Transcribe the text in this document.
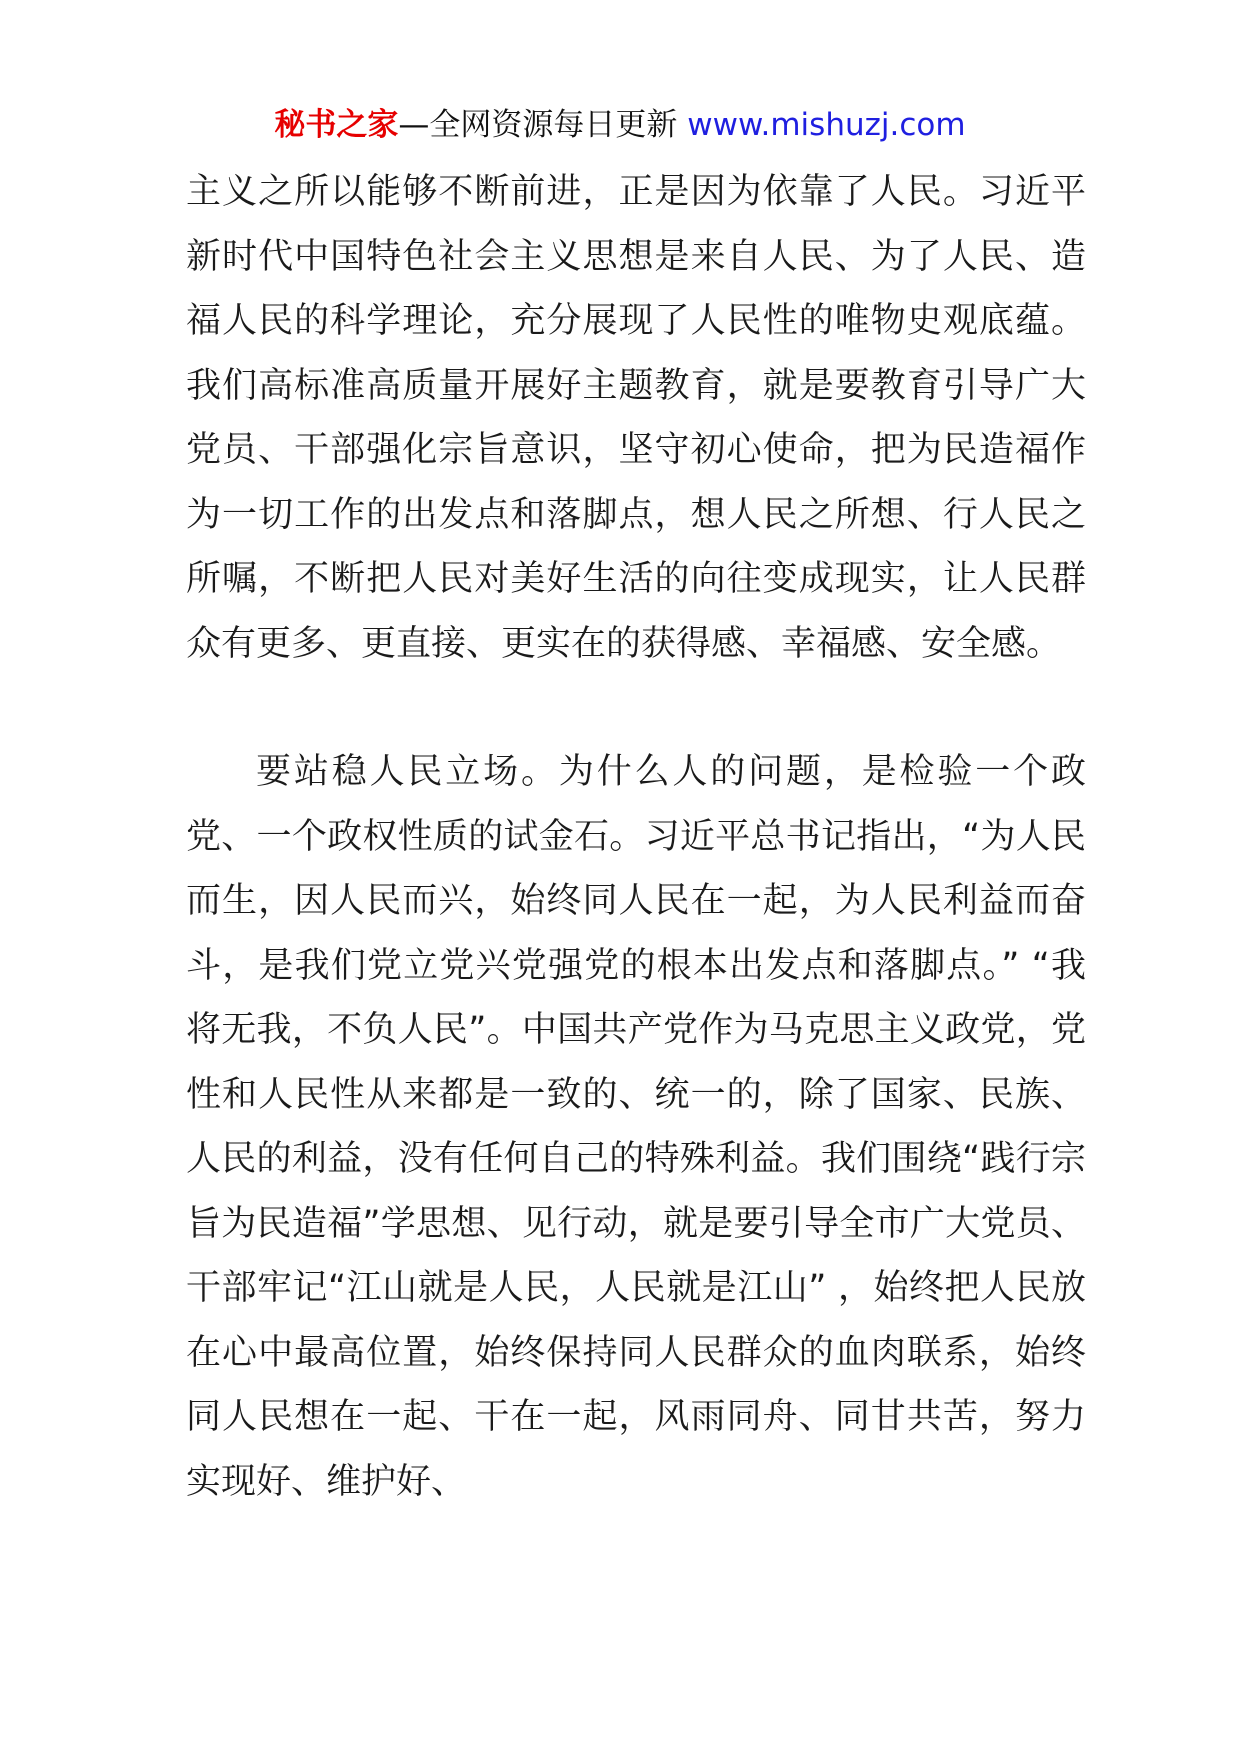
秘书之家—全网资源每日更新 www.mishuzj.com

主义之所以能够不断前进，正是因为依靠了人民。习近平新时代中国特色社会主义思想是来自人民、为了人民、造福人民的科学理论，充分展现了人民性的唯物史观底蕴。我们高标准高质量开展好主题教育，就是要教育引导广大党员、干部强化宗旨意识，坚守初心使命，把为民造福作为一切工作的出发点和落脚点，想人民之所想、行人民之所嘱，不断把人民对美好生活的向往变成现实，让人民群众有更多、更直接、更实在的获得感、幸福感、安全感。

要站稳人民立场。为什么人的问题，是检验一个政党、一个政权性质的试金石。习近平总书记指出，“为人民而生，因人民而兴，始终同人民在一起，为人民利益而奋斗，是我们党立党兴党强党的根本出发点和落脚点。” “我将无我，不负人民”。中国共产党作为马克思主义政党，党性和人民性从来都是一致的、统一的，除了国家、民族、人民的利益，没有任何自己的特殊利益。我们围绕“践行宗旨为民造福”学思想、见行动，就是要引导全市广大党员、干部牢记“江山就是人民，人民就是江山” ，始终把人民放在心中最高位置，始终保持同人民群众的血肉联系，始终同人民想在一起、干在一起，风雨同舟、同甘共苦，努力实现好、维护好、
